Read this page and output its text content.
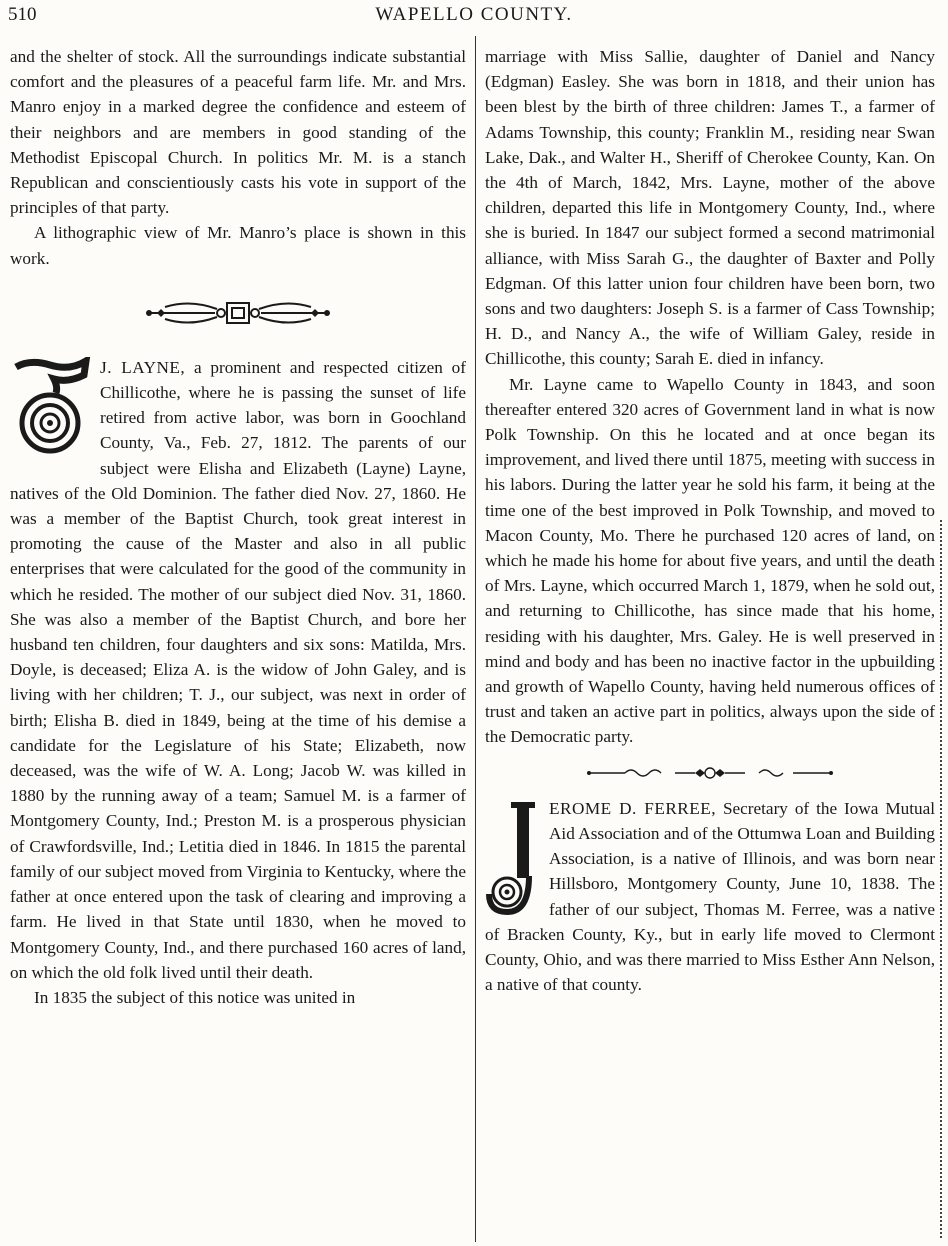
510	WAPELLO COUNTY.

and the shelter of stock. All the surroundings indicate substantial comfort and the pleasures of a peaceful farm life. Mr. and Mrs. Manro enjoy in a marked degree the confidence and esteem of their neighbors and are members in good standing of the Methodist Episcopal Church. In politics Mr. M. is a stanch Republican and conscientiously casts his vote in support of the principles of that party.

A lithographic view of Mr. Manro’s place is shown in this work.

J. LAYNE, a prominent and respected citizen of Chillicothe, where he is passing the sunset of life retired from active labor, was born in Goochland County, Va., Feb. 27, 1812. The parents of our subject were Elisha and Elizabeth (Layne) Layne, natives of the Old Dominion. The father died Nov. 27, 1860. He was a member of the Baptist Church, took great interest in promoting the cause of the Master and also in all public enterprises that were calculated for the good of the community in which he resided. The mother of our subject died Nov. 31, 1860. She was also a member of the Baptist Church, and bore her husband ten children, four daughters and six sons: Matilda, Mrs. Doyle, is deceased; Eliza A. is the widow of John Galey, and is living with her children; T. J., our subject, was next in order of birth; Elisha B. died in 1849, being at the time of his demise a candidate for the Legislature of his State; Elizabeth, now deceased, was the wife of W. A. Long; Jacob W. was killed in 1880 by the running away of a team; Samuel M. is a farmer of Montgomery County, Ind.; Preston M. is a prosperous physician of Crawfordsville, Ind.; Letitia died in 1846. In 1815 the parental family of our subject moved from Virginia to Kentucky, where the father at once entered upon the task of clearing and improving a farm. He lived in that State until 1830, when he moved to Montgomery County, Ind., and there purchased 160 acres of land, on which the old folk lived until their death.

In 1835 the subject of this notice was united in

marriage with Miss Sallie, daughter of Daniel and Nancy (Edgman) Easley. She was born in 1818, and their union has been blest by the birth of three children: James T., a farmer of Adams Township, this county; Franklin M., residing near Swan Lake, Dak., and Walter H., Sheriff of Cherokee County, Kan. On the 4th of March, 1842, Mrs. Layne, mother of the above children, departed this life in Montgomery County, Ind., where she is buried. In 1847 our subject formed a second matrimonial alliance, with Miss Sarah G., the daughter of Baxter and Polly Edgman. Of this latter union four children have been born, two sons and two daughters: Joseph S. is a farmer of Cass Township; H. D., and Nancy A., the wife of William Galey, reside in Chillicothe, this county; Sarah E. died in infancy.

Mr. Layne came to Wapello County in 1843, and soon thereafter entered 320 acres of Government land in what is now Polk Township. On this he located and at once began its improvement, and lived there until 1875, meeting with success in his labors. During the latter year he sold his farm, it being at the time one of the best improved in Polk Township, and moved to Macon County, Mo. There he purchased 120 acres of land, on which he made his home for about five years, and until the death of Mrs. Layne, which occurred March 1, 1879, when he sold out, and returning to Chillicothe, has since made that his home, residing with his daughter, Mrs. Galey. He is well preserved in mind and body and has been no inactive factor in the upbuilding and growth of Wapello County, having held numerous offices of trust and taken an active part in politics, always upon the side of the Democratic party.

EROME D. FERREE, Secretary of the Iowa Mutual Aid Association and of the Ottumwa Loan and Building Association, is a native of Illinois, and was born near Hillsboro, Montgomery County, June 10, 1838. The father of our subject, Thomas M. Ferree, was a native of Bracken County, Ky., but in early life moved to Clermont County, Ohio, and was there married to Miss Esther Ann Nelson, a native of that county.
